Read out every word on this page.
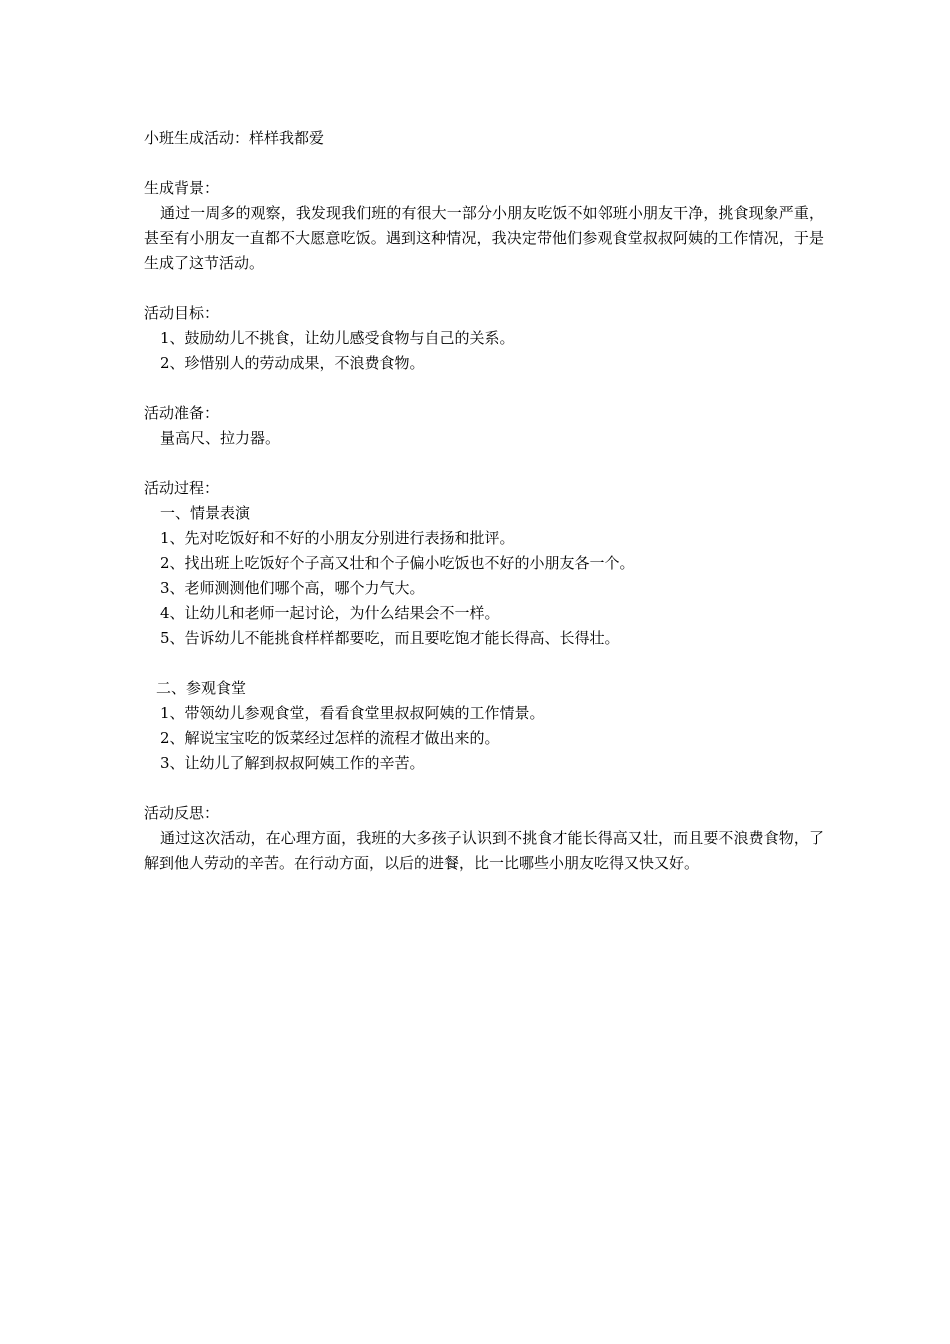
小班生成活动：样样我都爱
生成背景：

通过一周多的观察，我发现我们班的有很大一部分小朋友吃饭不如邻班小朋友干净，挑食现象严重，甚至有小朋友一直都不大愿意吃饭。遇到这种情况，我决定带他们参观食堂叔叔阿姨的工作情况，于是生成了这节活动。

活动目标：
1、鼓励幼儿不挑食，让幼儿感受食物与自己的关系。
2、珍惜别人的劳动成果，不浪费食物。
活动准备：
量高尺、拉力器。
活动过程：
一、情景表演
1、先对吃饭好和不好的小朋友分别进行表扬和批评。
2、找出班上吃饭好个子高又壮和个子偏小吃饭也不好的小朋友各一个。
3、老师测测他们哪个高，哪个力气大。
4、让幼儿和老师一起讨论，为什么结果会不一样。
5、告诉幼儿不能挑食样样都要吃，而且要吃饱才能长得高、长得壮。
二、参观食堂
1、带领幼儿参观食堂，看看食堂里叔叔阿姨的工作情景。
2、解说宝宝吃的饭菜经过怎样的流程才做出来的。
3、让幼儿了解到叔叔阿姨工作的辛苦。
活动反思：

通过这次活动，在心理方面，我班的大多孩子认识到不挑食才能长得高又壮，而且要不浪费食物，了解到他人劳动的辛苦。在行动方面，以后的进餐，比一比哪些小朋友吃得又快又好。
